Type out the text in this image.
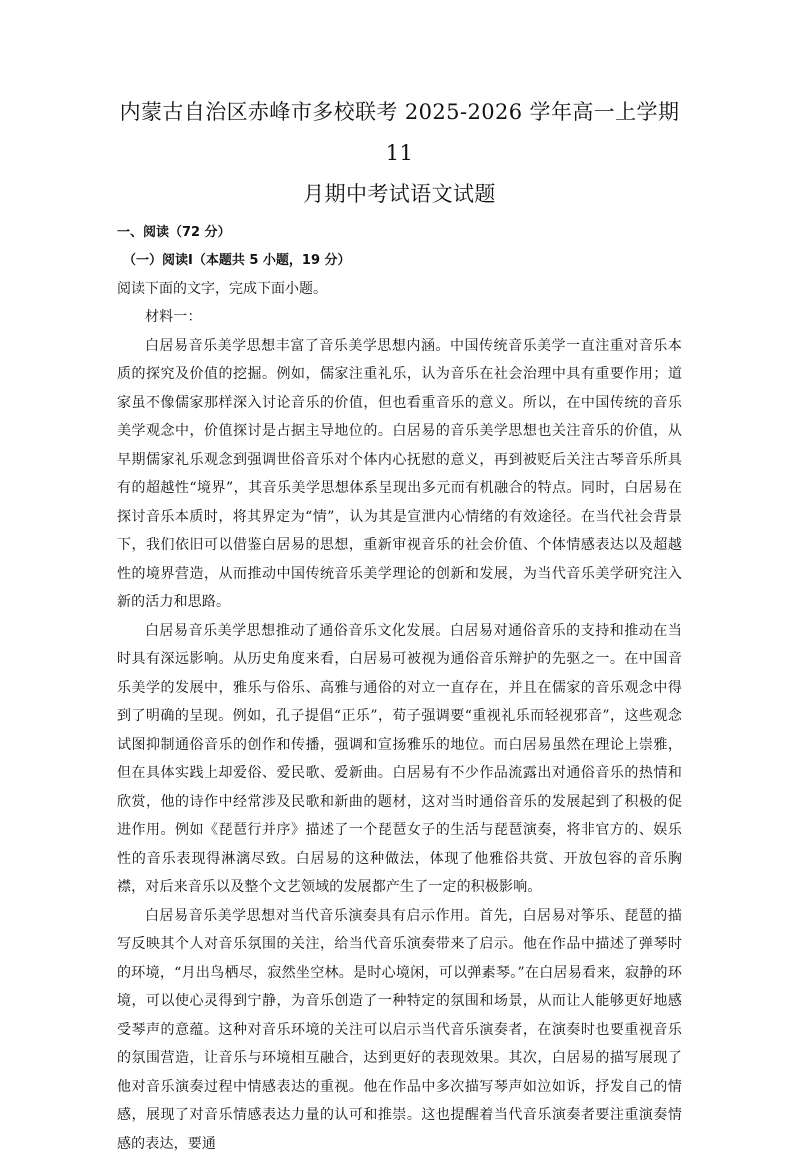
内蒙古自治区赤峰市多校联考 2025-2026 学年高一上学期 11
月期中考试语文试题

一、阅读（72 分）

（一）阅读Ⅰ（本题共 5 小题，19 分）

阅读下面的文字，完成下面小题。

材料一：

白居易音乐美学思想丰富了音乐美学思想内涵。中国传统音乐美学一直注重对音乐本质的探究及价值的挖掘。例如，儒家注重礼乐，认为音乐在社会治理中具有重要作用；道家虽不像儒家那样深入讨论音乐的价值，但也看重音乐的意义。所以，在中国传统的音乐美学观念中，价值探讨是占据主导地位的。白居易的音乐美学思想也关注音乐的价值，从早期儒家礼乐观念到强调世俗音乐对个体内心抚慰的意义，再到被贬后关注古琴音乐所具有的超越性“境界”，其音乐美学思想体系呈现出多元而有机融合的特点。同时，白居易在探讨音乐本质时，将其界定为“情”，认为其是宣泄内心情绪的有效途径。在当代社会背景下，我们依旧可以借鉴白居易的思想，重新审视音乐的社会价值、个体情感表达以及超越性的境界营造，从而推动中国传统音乐美学理论的创新和发展，为当代音乐美学研究注入新的活力和思路。

白居易音乐美学思想推动了通俗音乐文化发展。白居易对通俗音乐的支持和推动在当时具有深远影响。从历史角度来看，白居易可被视为通俗音乐辩护的先驱之一。在中国音乐美学的发展中，雅乐与俗乐、高雅与通俗的对立一直存在，并且在儒家的音乐观念中得到了明确的呈现。例如，孔子提倡“正乐”，荀子强调要“重视礼乐而轻视邪音”，这些观念试图抑制通俗音乐的创作和传播，强调和宣扬雅乐的地位。而白居易虽然在理论上崇雅，但在具体实践上却爱俗、爱民歌、爱新曲。白居易有不少作品流露出对通俗音乐的热情和欣赏，他的诗作中经常涉及民歌和新曲的题材，这对当时通俗音乐的发展起到了积极的促进作用。例如《琵琶行并序》描述了一个琵琶女子的生活与琵琶演奏，将非官方的、娱乐性的音乐表现得淋漓尽致。白居易的这种做法，体现了他雅俗共赏、开放包容的音乐胸襟，对后来音乐以及整个文艺领域的发展都产生了一定的积极影响。

白居易音乐美学思想对当代音乐演奏具有启示作用。首先，白居易对筝乐、琵琶的描写反映其个人对音乐氛围的关注，给当代音乐演奏带来了启示。他在作品中描述了弹琴时的环境，“月出鸟栖尽，寂然坐空林。是时心境闲，可以弹素琴。”在白居易看来，寂静的环境，可以使心灵得到宁静，为音乐创造了一种特定的氛围和场景，从而让人能够更好地感受琴声的意蕴。这种对音乐环境的关注可以启示当代音乐演奏者，在演奏时也要重视音乐的氛围营造，让音乐与环境相互融合，达到更好的表现效果。其次，白居易的描写展现了他对音乐演奏过程中情感表达的重视。他在作品中多次描写琴声如泣如诉，抒发自己的情感，展现了对音乐情感表达力量的认可和推崇。这也提醒着当代音乐演奏者要注重演奏情感的表达，要通
